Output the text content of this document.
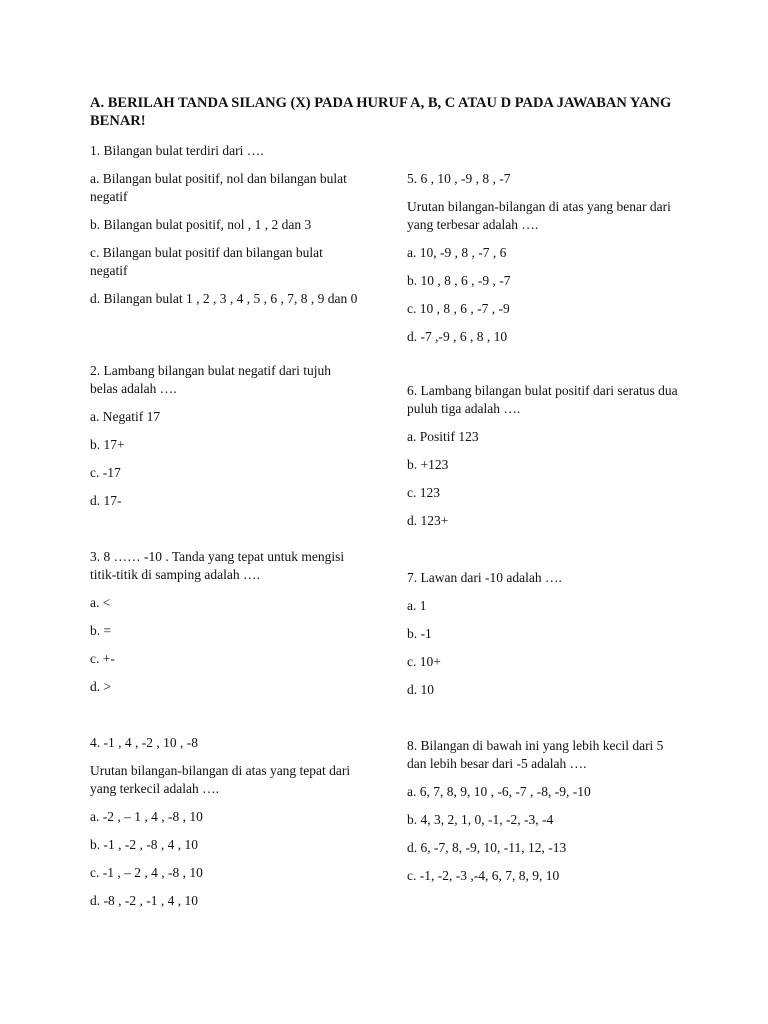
A. BERILAH TANDA SILANG (X) PADA HURUF A, B, C ATAU D PADA JAWABAN YANG BENAR!

1. Bilangan bulat terdiri dari ….

a. Bilangan bulat positif, nol dan bilangan bulat negatif

b. Bilangan bulat positif, nol , 1 , 2 dan 3

c. Bilangan bulat positif dan bilangan bulat negatif

d. Bilangan bulat 1 , 2 , 3 , 4 , 5 , 6 , 7, 8 , 9 dan 0

2. Lambang bilangan bulat negatif dari tujuh belas adalah ….

a. Negatif 17

b. 17+

c. -17

d. 17-

3. 8 …… -10 . Tanda yang tepat untuk mengisi titik-titik di samping adalah ….

a. <

b. =

c. +-

d. >

4. -1 , 4 , -2 , 10 , -8

Urutan bilangan-bilangan di atas yang tepat dari yang terkecil adalah ….

a. -2 , – 1 , 4 , -8 , 10

b. -1 , -2 , -8 , 4 , 10

c. -1 , – 2 , 4 , -8 , 10

d. -8 , -2 , -1 , 4 , 10

5. 6 , 10 , -9 , 8 , -7

Urutan bilangan-bilangan di atas yang benar dari yang terbesar adalah ….

a. 10, -9 , 8 , -7 , 6

b. 10 , 8 , 6 , -9 , -7

c. 10 , 8 , 6 , -7 , -9

d. -7 ,-9 , 6 , 8 , 10

6. Lambang bilangan bulat positif dari seratus dua puluh tiga adalah ….

a. Positif 123

b. +123

c. 123

d. 123+

7. Lawan dari -10 adalah ….

a. 1

b. -1

c. 10+

d. 10

8. Bilangan di bawah ini yang lebih kecil dari 5 dan lebih besar dari -5 adalah ….

a. 6, 7, 8, 9, 10 , -6, -7 , -8, -9, -10

b. 4, 3, 2, 1, 0, -1, -2, -3, -4

d. 6, -7, 8, -9, 10, -11, 12, -13

c. -1, -2, -3 ,-4, 6, 7, 8, 9, 10
